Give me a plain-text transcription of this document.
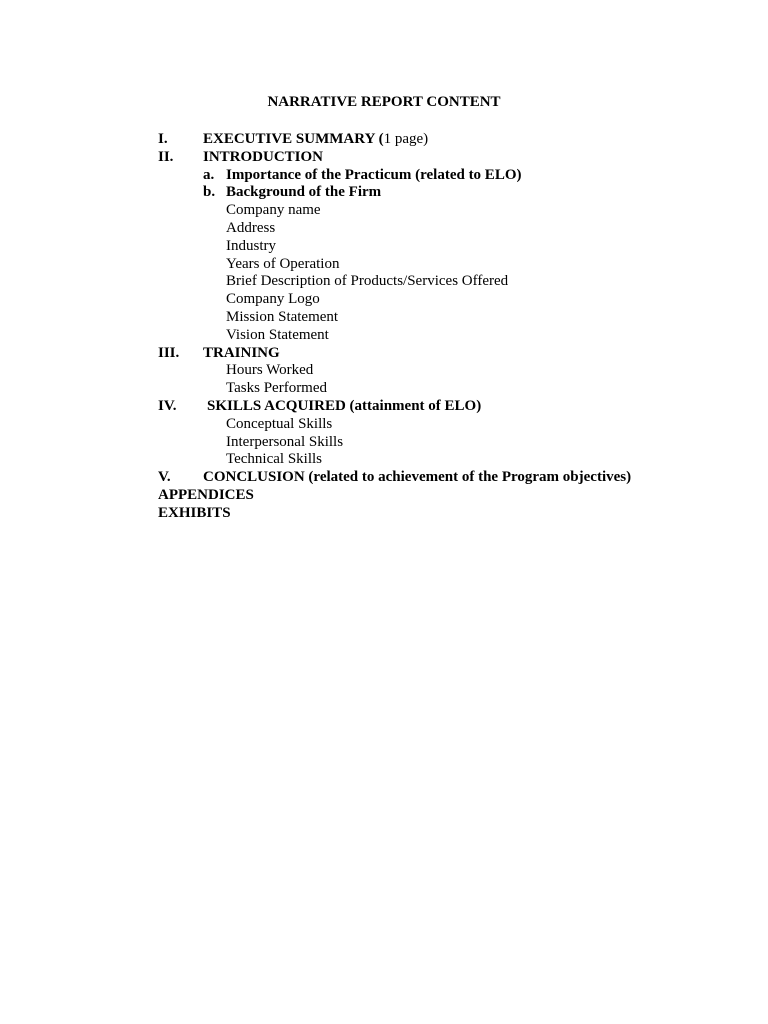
NARRATIVE REPORT CONTENT
I. EXECUTIVE SUMMARY (1 page)
II. INTRODUCTION
a. Importance of the Practicum (related to ELO)
b. Background of the Firm
Company name
Address
Industry
Years of Operation
Brief Description of Products/Services Offered
Company Logo
Mission Statement
Vision Statement
III. TRAINING
Hours Worked
Tasks Performed
IV. SKILLS ACQUIRED (attainment of ELO)
Conceptual Skills
Interpersonal Skills
Technical Skills
V. CONCLUSION (related to achievement of the Program objectives)
APPENDICES
EXHIBITS
